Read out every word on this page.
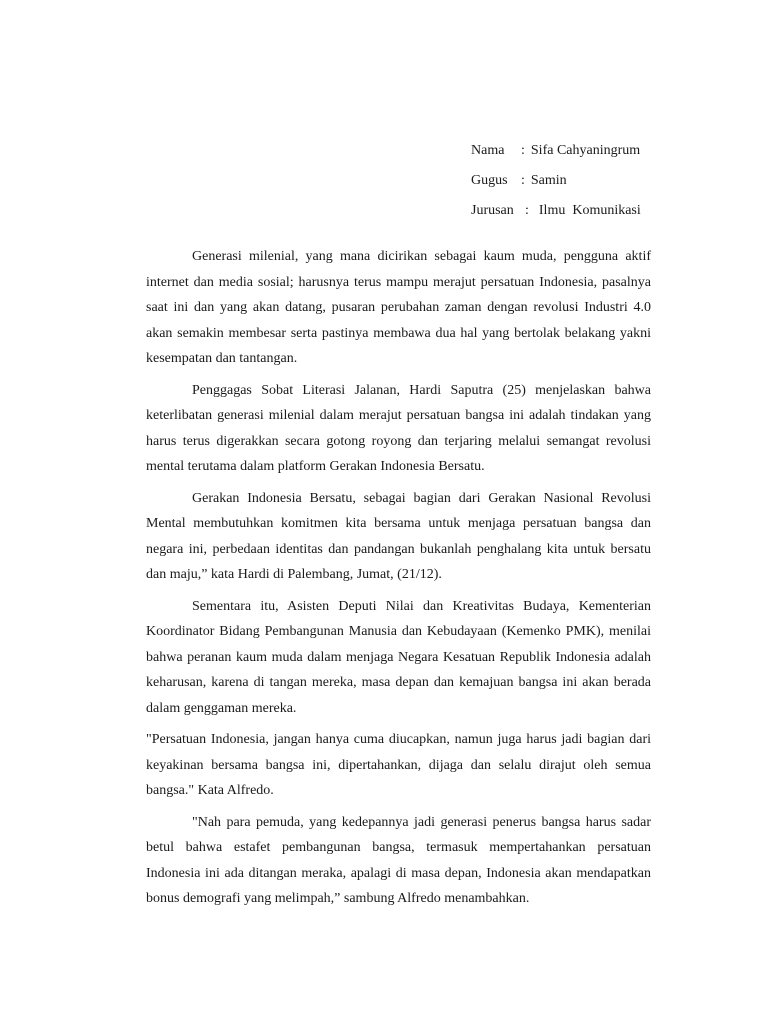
Nama	: Sifa Cahyaningrum
Gugus : Samin
Jurusan : Ilmu  Komunikasi

Generasi milenial, yang mana dicirikan sebagai kaum muda, pengguna aktif internet dan media sosial; harusnya terus mampu merajut persatuan Indonesia, pasalnya saat ini dan yang akan datang, pusaran perubahan zaman dengan revolusi Industri 4.0 akan semakin membesar serta pastinya membawa dua hal yang bertolak belakang yakni kesempatan dan tantangan.

Penggagas Sobat Literasi Jalanan, Hardi Saputra (25) menjelaskan bahwa keterlibatan generasi milenial dalam merajut persatuan bangsa ini adalah tindakan yang harus terus digerakkan secara gotong royong dan terjaring melalui semangat revolusi mental terutama dalam platform Gerakan Indonesia Bersatu.

Gerakan Indonesia Bersatu, sebagai bagian dari Gerakan Nasional Revolusi Mental membutuhkan komitmen kita bersama untuk menjaga persatuan bangsa dan negara ini, perbedaan identitas dan pandangan bukanlah penghalang kita untuk bersatu dan maju,” kata Hardi di Palembang, Jumat, (21/12).

Sementara itu, Asisten Deputi Nilai dan Kreativitas Budaya, Kementerian Koordinator Bidang Pembangunan Manusia dan Kebudayaan (Kemenko PMK), menilai bahwa peranan kaum muda dalam menjaga Negara Kesatuan Republik Indonesia adalah keharusan, karena di tangan mereka, masa depan dan kemajuan bangsa ini akan berada dalam genggaman mereka.

"Persatuan Indonesia, jangan hanya cuma diucapkan, namun juga harus jadi bagian dari keyakinan bersama bangsa ini, dipertahankan, dijaga dan selalu dirajut oleh semua bangsa." Kata Alfredo.

"Nah para pemuda, yang kedepannya jadi generasi penerus bangsa harus sadar betul bahwa estafet pembangunan bangsa, termasuk mempertahankan persatuan Indonesia ini ada ditangan meraka, apalagi di masa depan, Indonesia akan mendapatkan bonus demografi yang melimpah,” sambung Alfredo menambahkan.
